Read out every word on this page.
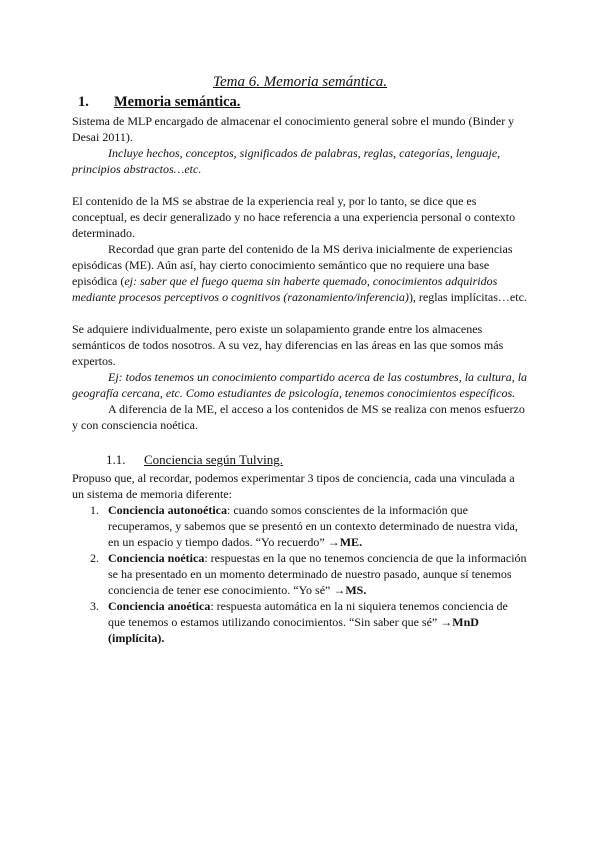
Tema 6. Memoria semántica.
1.	Memoria semántica.

Sistema de MLP encargado de almacenar el conocimiento general sobre el mundo (Binder y Desai 2011).

Incluye hechos, conceptos, significados de palabras, reglas, categorías, lenguaje, principios abstractos…etc.

El contenido de la MS se abstrae de la experiencia real y, por lo tanto, se dice que es conceptual, es decir generalizado y no hace referencia a una experiencia personal o contexto determinado.

Recordad que gran parte del contenido de la MS deriva inicialmente de experiencias episódicas (ME). Aún así, hay cierto conocimiento semántico que no requiere una base episódica (ej: saber que el fuego quema sin haberte quemado, conocimientos adquiridos mediante procesos perceptivos o cognitivos (razonamiento/inferencia)), reglas implícitas…etc.

Se adquiere individualmente, pero existe un solapamiento grande entre los almacenes semánticos de todos nosotros. A su vez, hay diferencias en las áreas en las que somos más expertos.

Ej: todos tenemos un conocimiento compartido acerca de las costumbres, la cultura, la geografía cercana, etc. Como estudiantes de psicología, tenemos conocimientos específicos.

A diferencia de la ME, el acceso a los contenidos de MS se realiza con menos esfuerzo y con consciencia noética.

1.1.	Conciencia según Tulving.

Propuso que, al recordar, podemos experimentar 3 tipos de conciencia, cada una vinculada a un sistema de memoria diferente:

1. Conciencia autonoética: cuando somos conscientes de la información que recuperamos, y sabemos que se presentó en un contexto determinado de nuestra vida, en un espacio y tiempo dados. “Yo recuerdo” →ME.
2. Conciencia noética: respuestas en la que no tenemos conciencia de que la información se ha presentado en un momento determinado de nuestro pasado, aunque sí tenemos conciencia de tener ese conocimiento. “Yo sé” →MS.
3. Conciencia anoética: respuesta automática en la ni siquiera tenemos conciencia de que tenemos o estamos utilizando conocimientos. “Sin saber que sé” →MnD (implícita).
